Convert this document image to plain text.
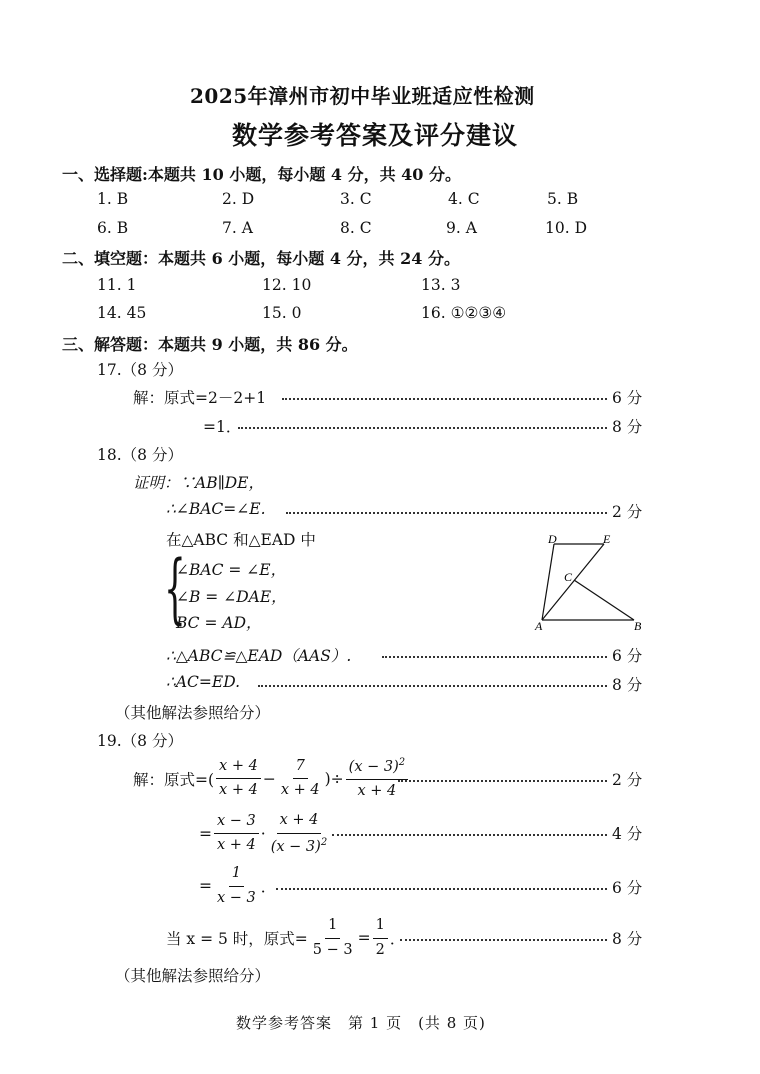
2025年漳州市初中毕业班适应性检测
数学参考答案及评分建议
一、选择题:本题共 10 小题，每小题 4 分，共 40 分。
1. B	2. D	3. C	4. C	5. B
6. B	7. A	8. C	9. A	10. D
二、填空题：本题共 6 小题，每小题 4 分，共 24 分。
11. 1	12. 10	13. 3
14. 45	15. 0	16. ①②③④
三、解答题：本题共 9 小题，共 86 分。
17.（8 分）
解：原式=2－2+1	6 分
=1．	8 分
18.（8 分）
证明：∵AB∥DE，
∴∠BAC=∠E.	2 分
在△ABC 和△EAD 中
{
∠BAC = ∠E，
∠B = ∠DAE，
BC = AD，
D	E
C
A	B
∴△ABC≌△EAD（AAS）.	6 分
∴AC=ED.	8 分
（其他解法参照给分）
19.（8 分）
解：原式=( $\frac{x + 4}{x + 4} - \frac{7}{x + 4}$ )÷ $\frac{(x - 3)^2}{x + 4}$	2 分
= $\frac{x - 3}{x + 4} \cdot \frac{x + 4}{(x - 3)^2}$	4 分
= $\frac{1}{x - 3}$ ．	6 分
当 x = 5 时，原式= $\frac{1}{5 - 3} = \frac{1}{2}$ ．	8 分
（其他解法参照给分）
数学参考答案　第 1 页　(共 8 页)
